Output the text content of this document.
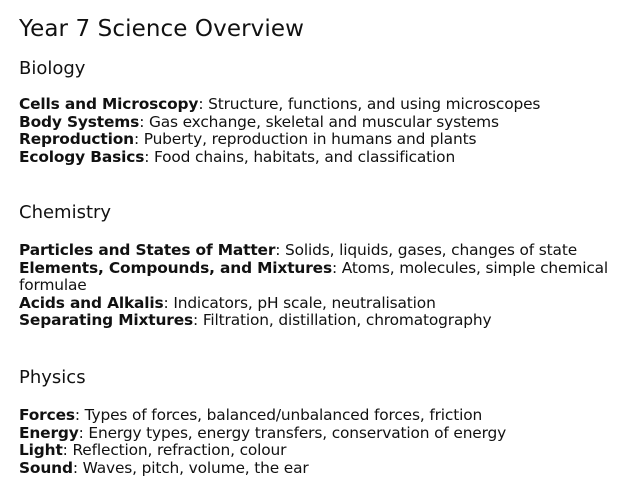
Year 7 Science Overview
Biology
Cells and Microscopy: Structure, functions, and using microscopes
Body Systems: Gas exchange, skeletal and muscular systems
Reproduction: Puberty, reproduction in humans and plants
Ecology Basics: Food chains, habitats, and classification
Chemistry
Particles and States of Matter: Solids, liquids, gases, changes of state
Elements, Compounds, and Mixtures: Atoms, molecules, simple chemical formulae
Acids and Alkalis: Indicators, pH scale, neutralisation
Separating Mixtures: Filtration, distillation, chromatography
Physics
Forces: Types of forces, balanced/unbalanced forces, friction
Energy: Energy types, energy transfers, conservation of energy
Light: Reflection, refraction, colour
Sound: Waves, pitch, volume, the ear
